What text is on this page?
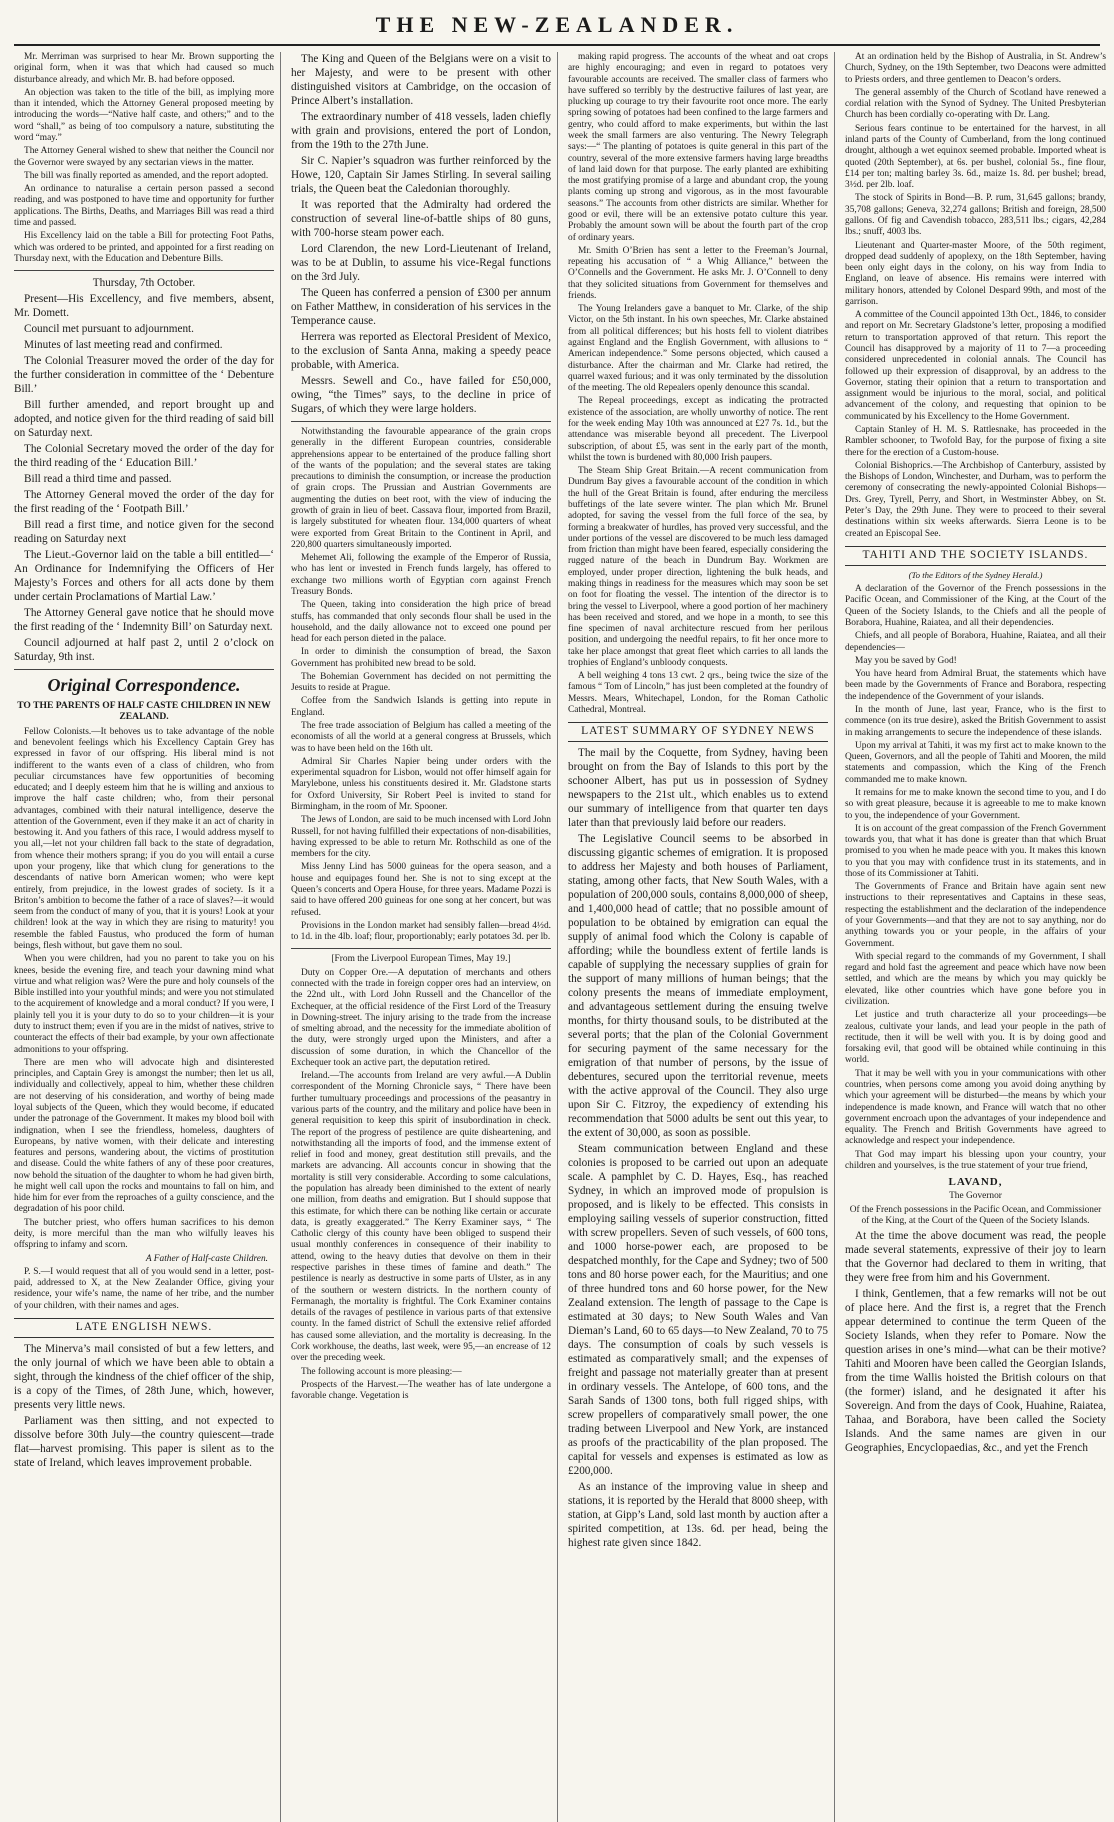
THE NEW-ZEALANDER.

Mr. Merriman was surprised to hear Mr. Brown supporting the original form, when it was that which had caused so much disturbance already, and which Mr. B. had before opposed.

An objection was taken to the title of the bill, as implying more than it intended, which the Attorney General proposed meeting by introducing the words—“Native half caste, and others;” and to the word “shall,” as being of too compulsory a nature, substituting the word “may.”

The Attorney General wished to shew that neither the Council nor the Governor were swayed by any sectarian views in the matter.

The bill was finally reported as amended, and the report adopted.

An ordinance to naturalise a certain person passed a second reading, and was postponed to have time and opportunity for further applications. The Births, Deaths, and Marriages Bill was read a third time and passed.

His Excellency laid on the table a Bill for protecting Foot Paths, which was ordered to be printed, and appointed for a first reading on Thursday next, with the Education and Debenture Bills.

Thursday, 7th October.

Present—His Excellency, and five members, absent, Mr. Domett.

Council met pursuant to adjournment.

Minutes of last meeting read and confirmed.

The Colonial Treasurer moved the order of the day for the further consideration in committee of the ‘ Debenture Bill.’

Bill further amended, and report brought up and adopted, and notice given for the third reading of said bill on Saturday next.

The Colonial Secretary moved the order of the day for the third reading of the ‘ Education Bill.’

Bill read a third time and passed.

The Attorney General moved the order of the day for the first reading of the ‘ Footpath Bill.’

Bill read a first time, and notice given for the second reading on Saturday next

The Lieut.-Governor laid on the table a bill entitled—‘ An Ordinance for Indemnifying the Officers of Her Majesty’s Forces and others for all acts done by them under certain Proclamations of Martial Law.’

The Attorney General gave notice that he should move the first reading of the ‘ Indemnity Bill’ on Saturday next.

Council adjourned at half past 2, until 2 o’clock on Saturday, 9th inst.

Original Correspondence.

TO THE PARENTS OF HALF CASTE CHILDREN IN NEW ZEALAND.

Fellow Colonists.—It behoves us to take advantage of the noble and benevolent feelings which his Excellency Captain Grey has expressed in favor of our offspring. His liberal mind is not indifferent to the wants even of a class of children, who from peculiar circumstances have few opportunities of becoming educated; and I deeply esteem him that he is willing and anxious to improve the half caste children; who, from their personal advantages, combined with their natural intelligence, deserve the attention of the Government, even if they make it an act of charity in bestowing it. And you fathers of this race, I would address myself to you all,—let not your children fall back to the state of degradation, from whence their mothers sprang; if you do you will entail a curse upon your progeny, like that which clung for generations to the descendants of native born American women; who were kept entirely, from prejudice, in the lowest grades of society. Is it a Briton’s ambition to become the father of a race of slaves?—it would seem from the conduct of many of you, that it is yours! Look at your children! look at the way in which they are rising to maturity! you resemble the fabled Faustus, who produced the form of human beings, flesh without, but gave them no soul.

When you were children, had you no parent to take you on his knees, beside the evening fire, and teach your dawning mind what virtue and what religion was? Were the pure and holy counsels of the Bible instilled into your youthful minds; and were you not stimulated to the acquirement of knowledge and a moral conduct? If you were, I plainly tell you it is your duty to do so to your children—it is your duty to instruct them; even if you are in the midst of natives, strive to counteract the effects of their bad example, by your own affectionate admonitions to your offspring.

There are men who will advocate high and disinterested principles, and Captain Grey is amongst the number; then let us all, individually and collectively, appeal to him, whether these children are not deserving of his consideration, and worthy of being made loyal subjects of the Queen, which they would become, if educated under the patronage of the Government. It makes my blood boil with indignation, when I see the friendless, homeless, daughters of Europeans, by native women, with their delicate and interesting features and persons, wandering about, the victims of prostitution and disease. Could the white fathers of any of these poor creatures, now behold the situation of the daughter to whom he had given birth, he might well call upon the rocks and mountains to fall on him, and hide him for ever from the reproaches of a guilty conscience, and the degradation of his poor child.

The butcher priest, who offers human sacrifices to his demon deity, is more merciful than the man who wilfully leaves his offspring to infamy and scorn.

A Father of Half-caste Children.

P. S.—I would request that all of you would send in a letter, post-paid, addressed to X, at the New Zealander Office, giving your residence, your wife’s name, the name of her tribe, and the number of your children, with their names and ages.

LATE ENGLISH NEWS.

The Minerva’s mail consisted of but a few letters, and the only journal of which we have been able to obtain a sight, through the kindness of the chief officer of the ship, is a copy of the Times, of 28th June, which, however, presents very little news.

Parliament was then sitting, and not expected to dissolve before 30th July—the country quiescent—trade flat—harvest promising. This paper is silent as to the state of Ireland, which leaves improvement probable.

The King and Queen of the Belgians were on a visit to her Majesty, and were to be present with other distinguished visitors at Cambridge, on the occasion of Prince Albert’s installation.

The extraordinary number of 418 vessels, laden chiefly with grain and provisions, entered the port of London, from the 19th to the 27th June.

Sir C. Napier’s squadron was further reinforced by the Howe, 120, Captain Sir James Stirling. In several sailing trials, the Queen beat the Caledonian thoroughly.

It was reported that the Admiralty had ordered the construction of several line-of-battle ships of 80 guns, with 700-horse steam power each.

Lord Clarendon, the new Lord-Lieutenant of Ireland, was to be at Dublin, to assume his vice-Regal functions on the 3rd July.

The Queen has conferred a pension of £300 per annum on Father Matthew, in consideration of his services in the Temperance cause.

Herrera was reported as Electoral President of Mexico, to the exclusion of Santa Anna, making a speedy peace probable, with America.

Messrs. Sewell and Co., have failed for £50,000, owing, “the Times” says, to the decline in price of Sugars, of which they were large holders.

Notwithstanding the favourable appearance of the grain crops generally in the different European countries, considerable apprehensions appear to be entertained of the produce falling short of the wants of the population; and the several states are taking precautions to diminish the consumption, or increase the production of grain crops. The Prussian and Austrian Governments are augmenting the duties on beet root, with the view of inducing the growth of grain in lieu of beet. Cassava flour, imported from Brazil, is largely substituted for wheaten flour. 134,000 quarters of wheat were exported from Great Britain to the Continent in April, and 220,800 quarters simultaneously imported.

Mehemet Ali, following the example of the Emperor of Russia, who has lent or invested in French funds largely, has offered to exchange two millions worth of Egyptian corn against French Treasury Bonds.

The Queen, taking into consideration the high price of bread stuffs, has commanded that only seconds flour shall be used in the household, and the daily allowance not to exceed one pound per head for each person dieted in the palace.

In order to diminish the consumption of bread, the Saxon Government has prohibited new bread to be sold.

The Bohemian Government has decided on not permitting the Jesuits to reside at Prague.

Coffee from the Sandwich Islands is getting into repute in England.

The free trade association of Belgium has called a meeting of the economists of all the world at a general congress at Brussels, which was to have been held on the 16th ult.

Admiral Sir Charles Napier being under orders with the experimental squadron for Lisbon, would not offer himself again for Marylebone, unless his constituents desired it. Mr. Gladstone starts for Oxford University, Sir Robert Peel is invited to stand for Birmingham, in the room of Mr. Spooner.

The Jews of London, are said to be much incensed with Lord John Russell, for not having fulfilled their expectations of non-disabilities, having expressed to be able to return Mr. Rothschild as one of the members for the city.

Miss Jenny Lind has 5000 guineas for the opera season, and a house and equipages found her. She is not to sing except at the Queen’s concerts and Opera House, for three years. Madame Pozzi is said to have offered 200 guineas for one song at her concert, but was refused.

Provisions in the London market had sensibly fallen—bread 4½d. to 1d. in the 4lb. loaf; flour, proportionably; early potatoes 3d. per lb.

[From the Liverpool European Times, May 19.]

Duty on Copper Ore.—A deputation of merchants and others connected with the trade in foreign copper ores had an interview, on the 22nd ult., with Lord John Russell and the Chancellor of the Exchequer, at the official residence of the First Lord of the Treasury in Downing-street. The injury arising to the trade from the increase of smelting abroad, and the necessity for the immediate abolition of the duty, were strongly urged upon the Ministers, and after a discussion of some duration, in which the Chancellor of the Exchequer took an active part, the deputation retired.

Ireland.—The accounts from Ireland are very awful.—A Dublin correspondent of the Morning Chronicle says, “ There have been further tumultuary proceedings and processions of the peasantry in various parts of the country, and the military and police have been in general requisition to keep this spirit of insubordination in check. The report of the progress of pestilence are quite disheartening, and notwithstanding all the imports of food, and the immense extent of relief in food and money, great destitution still prevails, and the markets are advancing. All accounts concur in showing that the mortality is still very considerable. According to some calculations, the population has already been diminished to the extent of nearly one million, from deaths and emigration. But I should suppose that this estimate, for which there can be nothing like certain or accurate data, is greatly exaggerated.” The Kerry Examiner says, “ The Catholic clergy of this county have been obliged to suspend their usual monthly conferences in consequence of their inability to attend, owing to the heavy duties that devolve on them in their respective parishes in these times of famine and death.” The pestilence is nearly as destructive in some parts of Ulster, as in any of the southern or western districts. In the northern county of Fermanagh, the mortality is frightful. The Cork Examiner contains details of the ravages of pestilence in various parts of that extensive county. In the famed district of Schull the extensive relief afforded has caused some alleviation, and the mortality is decreasing. In the Cork workhouse, the deaths, last week, were 95,—an encrease of 12 over the preceding week.

The following account is more pleasing:—

Prospects of the Harvest.—The weather has of late undergone a favorable change. Vegetation is

making rapid progress. The accounts of the wheat and oat crops are highly encouraging; and even in regard to potatoes very favourable accounts are received. The smaller class of farmers who have suffered so terribly by the destructive failures of last year, are plucking up courage to try their favourite root once more. The early spring sowing of potatoes had been confined to the large farmers and gentry, who could afford to make experiments, but within the last week the small farmers are also venturing. The Newry Telegraph says:—“ The planting of potatoes is quite general in this part of the country, several of the more extensive farmers having large breadths of land laid down for that purpose. The early planted are exhibiting the most gratifying promise of a large and abundant crop, the young plants coming up strong and vigorous, as in the most favourable seasons.” The accounts from other districts are similar. Whether for good or evil, there will be an extensive potato culture this year. Probably the amount sown will be about the fourth part of the crop of ordinary years.

Mr. Smith O’Brien has sent a letter to the Freeman’s Journal, repeating his accusation of “ a Whig Alliance,” between the O’Connells and the Government. He asks Mr. J. O’Connell to deny that they solicited situations from Government for themselves and friends.

The Young Irelanders gave a banquet to Mr. Clarke, of the ship Victor, on the 5th instant. In his own speeches, Mr. Clarke abstained from all political differences; but his hosts fell to violent diatribes against England and the English Government, with allusions to “ American independence.” Some persons objected, which caused a disturbance. After the chairman and Mr. Clarke had retired, the quarrel waxed furious; and it was only terminated by the dissolution of the meeting. The old Repealers openly denounce this scandal.

The Repeal proceedings, except as indicating the protracted existence of the association, are wholly unworthy of notice. The rent for the week ending May 10th was announced at £27 7s. 1d., but the attendance was miserable beyond all precedent. The Liverpool subscription, of about £5, was sent in the early part of the month, whilst the town is burdened with 80,000 Irish paupers.

The Steam Ship Great Britain.—A recent communication from Dundrum Bay gives a favourable account of the condition in which the hull of the Great Britain is found, after enduring the merciless buffetings of the late severe winter. The plan which Mr. Brunel adopted, for saving the vessel from the full force of the sea, by forming a breakwater of hurdles, has proved very successful, and the under portions of the vessel are discovered to be much less damaged from friction than might have been feared, especially considering the rugged nature of the beach in Dundrum Bay. Workmen are employed, under proper direction, lightening the bulk heads, and making things in readiness for the measures which may soon be set on foot for floating the vessel. The intention of the director is to bring the vessel to Liverpool, where a good portion of her machinery has been received and stored, and we hope in a month, to see this fine specimen of naval architecture rescued from her perilous position, and undergoing the needful repairs, to fit her once more to take her place amongst that great fleet which carries to all lands the trophies of England’s unbloody conquests.

A bell weighing 4 tons 13 cwt. 2 qrs., being twice the size of the famous “ Tom of Lincoln,” has just been completed at the foundry of Messrs. Mears, Whitechapel, London, for the Roman Catholic Cathedral, Montreal.

LATEST SUMMARY OF SYDNEY NEWS

The mail by the Coquette, from Sydney, having been brought on from the Bay of Islands to this port by the schooner Albert, has put us in possession of Sydney newspapers to the 21st ult., which enables us to extend our summary of intelligence from that quarter ten days later than that previously laid before our readers.

The Legislative Council seems to be absorbed in discussing gigantic schemes of emigration. It is proposed to address her Majesty and both houses of Parliament, stating, among other facts, that New South Wales, with a population of 200,000 souls, contains 8,000,000 of sheep, and 1,400,000 head of cattle; that no possible amount of population to be obtained by emigration can equal the supply of animal food which the Colony is capable of affording; while the boundless extent of fertile lands is capable of supplying the necessary supplies of grain for the support of many millions of human beings; that the colony presents the means of immediate employment, and advantageous settlement during the ensuing twelve months, for thirty thousand souls, to be distributed at the several ports; that the plan of the Colonial Government for securing payment of the same necessary for the emigration of that number of persons, by the issue of debentures, secured upon the territorial revenue, meets with the active approval of the Council. They also urge upon Sir C. Fitzroy, the expediency of extending his recommendation that 5000 adults be sent out this year, to the extent of 30,000, as soon as possible.

Steam communication between England and these colonies is proposed to be carried out upon an adequate scale. A pamphlet by C. D. Hayes, Esq., has reached Sydney, in which an improved mode of propulsion is proposed, and is likely to be effected. This consists in employing sailing vessels of superior construction, fitted with screw propellers. Seven of such vessels, of 600 tons, and 1000 horse-power each, are proposed to be despatched monthly, for the Cape and Sydney; two of 500 tons and 80 horse power each, for the Mauritius; and one of three hundred tons and 60 horse power, for the New Zealand extension. The length of passage to the Cape is estimated at 30 days; to New South Wales and Van Dieman’s Land, 60 to 65 days—to New Zealand, 70 to 75 days. The consumption of coals by such vessels is estimated as comparatively small; and the expenses of freight and passage not materially greater than at present in ordinary vessels. The Antelope, of 600 tons, and the Sarah Sands of 1300 tons, both full rigged ships, with screw propellers of comparatively small power, the one trading between Liverpool and New York, are instanced as proofs of the practicability of the plan proposed. The capital for vessels and expenses is estimated as low as £200,000.

As an instance of the improving value in sheep and stations, it is reported by the Herald that 8000 sheep, with station, at Gipp’s Land, sold last month by auction after a spirited competition, at 13s. 6d. per head, being the highest rate given since 1842.

At an ordination held by the Bishop of Australia, in St. Andrew’s Church, Sydney, on the 19th September, two Deacons were admitted to Priests orders, and three gentlemen to Deacon’s orders.

The general assembly of the Church of Scotland have renewed a cordial relation with the Synod of Sydney. The United Presbyterian Church has been cordially co-operating with Dr. Lang.

Serious fears continue to be entertained for the harvest, in all inland parts of the County of Cumberland, from the long continued drought, although a wet equinox seemed probable. Imported wheat is quoted (20th September), at 6s. per bushel, colonial 5s., fine flour, £14 per ton; malting barley 3s. 6d., maize 1s. 8d. per bushel; bread, 3½d. per 2lb. loaf.

The stock of Spirits in Bond—B. P. rum, 31,645 gallons; brandy, 35,708 gallons; Geneva, 32,274 gallons; British and foreign, 28,500 gallons. Of fig and Cavendish tobacco, 283,511 lbs.; cigars, 42,284 lbs.; snuff, 4003 lbs.

Lieutenant and Quarter-master Moore, of the 50th regiment, dropped dead suddenly of apoplexy, on the 18th September, having been only eight days in the colony, on his way from India to England, on leave of absence. His remains were interred with military honors, attended by Colonel Despard 99th, and most of the garrison.

A committee of the Council appointed 13th Oct., 1846, to consider and report on Mr. Secretary Gladstone’s letter, proposing a modified return to transportation approved of that return. This report the Council has disapproved by a majority of 11 to 7—a proceeding considered unprecedented in colonial annals. The Council has followed up their expression of disapproval, by an address to the Governor, stating their opinion that a return to transportation and assignment would be injurious to the moral, social, and political advancement of the colony, and requesting that opinion to be communicated by his Excellency to the Home Government.

Captain Stanley of H. M. S. Rattlesnake, has proceeded in the Rambler schooner, to Twofold Bay, for the purpose of fixing a site there for the erection of a Custom-house.

Colonial Bishoprics.—The Archbishop of Canterbury, assisted by the Bishops of London, Winchester, and Durham, was to perform the ceremony of consecrating the newly-appointed Colonial Bishops—Drs. Grey, Tyrell, Perry, and Short, in Westminster Abbey, on St. Peter’s Day, the 29th June. They were to proceed to their several destinations within six weeks afterwards. Sierra Leone is to be created an Episcopal See.

TAHITI AND THE SOCIETY ISLANDS.

(To the Editors of the Sydney Herald.)

A declaration of the Governor of the French possessions in the Pacific Ocean, and Commissioner of the King, at the Court of the Queen of the Society Islands, to the Chiefs and all the people of Borabora, Huahine, Raiatea, and all their dependencies.

Chiefs, and all people of Borabora, Huahine, Raiatea, and all their dependencies—

May you be saved by God!

You have heard from Admiral Bruat, the statements which have been made by the Governments of France and Borabora, respecting the independence of the Government of your islands.

In the month of June, last year, France, who is the first to commence (on its true desire), asked the British Government to assist in making arrangements to secure the independence of these islands.

Upon my arrival at Tahiti, it was my first act to make known to the Queen, Governors, and all the people of Tahiti and Mooren, the mild statements and compassion, which the King of the French commanded me to make known.

It remains for me to make known the second time to you, and I do so with great pleasure, because it is agreeable to me to make known to you, the independence of your Government.

It is on account of the great compassion of the French Government towards you, that what it has done is greater than that which Bruat promised to you when he made peace with you. It makes this known to you that you may with confidence trust in its statements, and in those of its Commissioner at Tahiti.

The Governments of France and Britain have again sent new instructions to their representatives and Captains in these seas, respecting the establishment and the declaration of the independence of your Governments—and that they are not to say anything, nor do anything towards you or your people, in the affairs of your Government.

With special regard to the commands of my Government, I shall regard and hold fast the agreement and peace which have now been settled, and which are the means by which you may quickly be elevated, like other countries which have gone before you in civilization.

Let justice and truth characterize all your proceedings—be zealous, cultivate your lands, and lead your people in the path of rectitude, then it will be well with you. It is by doing good and forsaking evil, that good will be obtained while continuing in this world.

That it may be well with you in your communications with other countries, when persons come among you avoid doing anything by which your agreement will be disturbed—the means by which your independence is made known, and France will watch that no other government encroach upon the advantages of your independence and equality. The French and British Governments have agreed to acknowledge and respect your independence.

That God may impart his blessing upon your country, your children and yourselves, is the true statement of your true friend,

LAVAND,

The Governor

Of the French possessions in the Pacific Ocean, and Commissioner of the King, at the Court of the Queen of the Society Islands.

At the time the above document was read, the people made several statements, expressive of their joy to learn that the Governor had declared to them in writing, that they were free from him and his Government.

I think, Gentlemen, that a few remarks will not be out of place here. And the first is, a regret that the French appear determined to continue the term Queen of the Society Islands, when they refer to Pomare. Now the question arises in one’s mind—what can be their motive? Tahiti and Mooren have been called the Georgian Islands, from the time Wallis hoisted the British colours on that (the former) island, and he designated it after his Sovereign. And from the days of Cook, Huahine, Raiatea, Tahaa, and Borabora, have been called the Society Islands. And the same names are given in our Geographies, Encyclopaedias, &c., and yet the French
